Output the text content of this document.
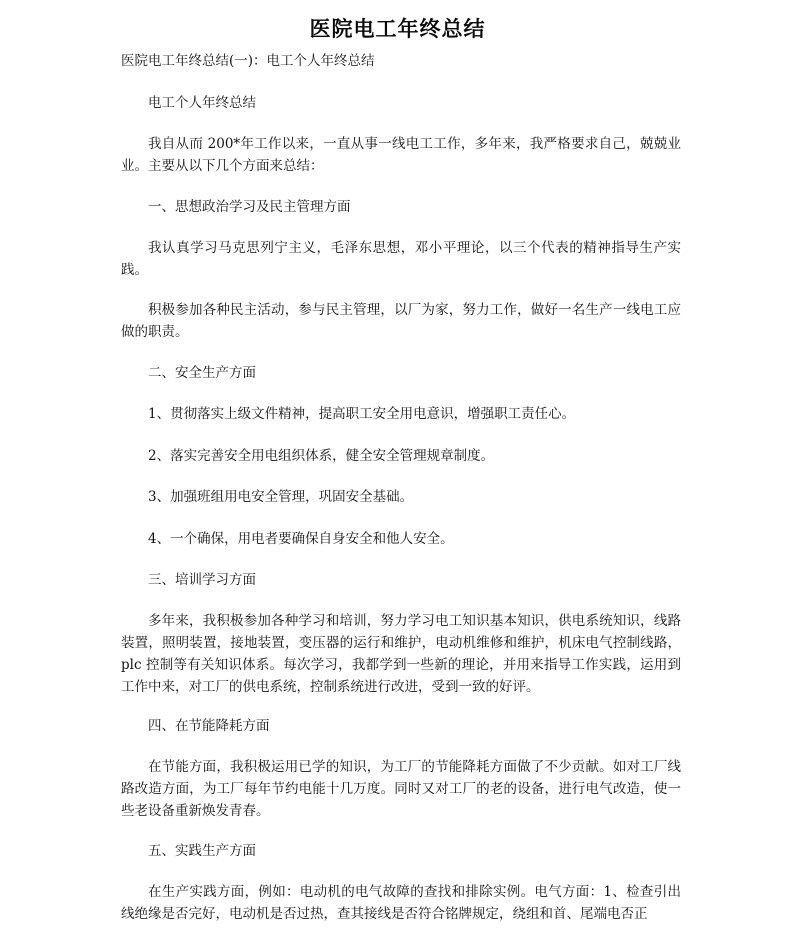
医院电工年终总结

医院电工年终总结(一)：电工个人年终总结

电工个人年终总结

我自从而 200*年工作以来，一直从事一线电工工作，多年来，我严格要求自己，兢兢业业。主要从以下几个方面来总结：

一、思想政治学习及民主管理方面

我认真学习马克思列宁主义，毛泽东思想，邓小平理论，以三个代表的精神指导生产实践。

积极参加各种民主活动，参与民主管理，以厂为家，努力工作，做好一名生产一线电工应做的职责。

二、安全生产方面

1、贯彻落实上级文件精神，提高职工安全用电意识，增强职工责任心。

2、落实完善安全用电组织体系，健全安全管理规章制度。

3、加强班组用电安全管理，巩固安全基础。

4、一个确保，用电者要确保自身安全和他人安全。

三、培训学习方面

多年来，我积极参加各种学习和培训，努力学习电工知识基本知识，供电系统知识，线路装置，照明装置，接地装置，变压器的运行和维护，电动机维修和维护，机床电气控制线路，plc 控制等有关知识体系。每次学习，我都学到一些新的理论，并用来指导工作实践，运用到工作中来，对工厂的供电系统，控制系统进行改进，受到一致的好评。

四、在节能降耗方面

在节能方面，我积极运用已学的知识，为工厂的节能降耗方面做了不少贡献。如对工厂线路改造方面，为工厂每年节约电能十几万度。同时又对工厂的老的设备，进行电气改造，使一些老设备重新焕发青春。

五、实践生产方面

在生产实践方面，例如：电动机的电气故障的查找和排除实例。电气方面：1、检查引出线绝缘是否完好，电动机是否过热，查其接线是否符合铭牌规定，绕组和首、尾端电否正
